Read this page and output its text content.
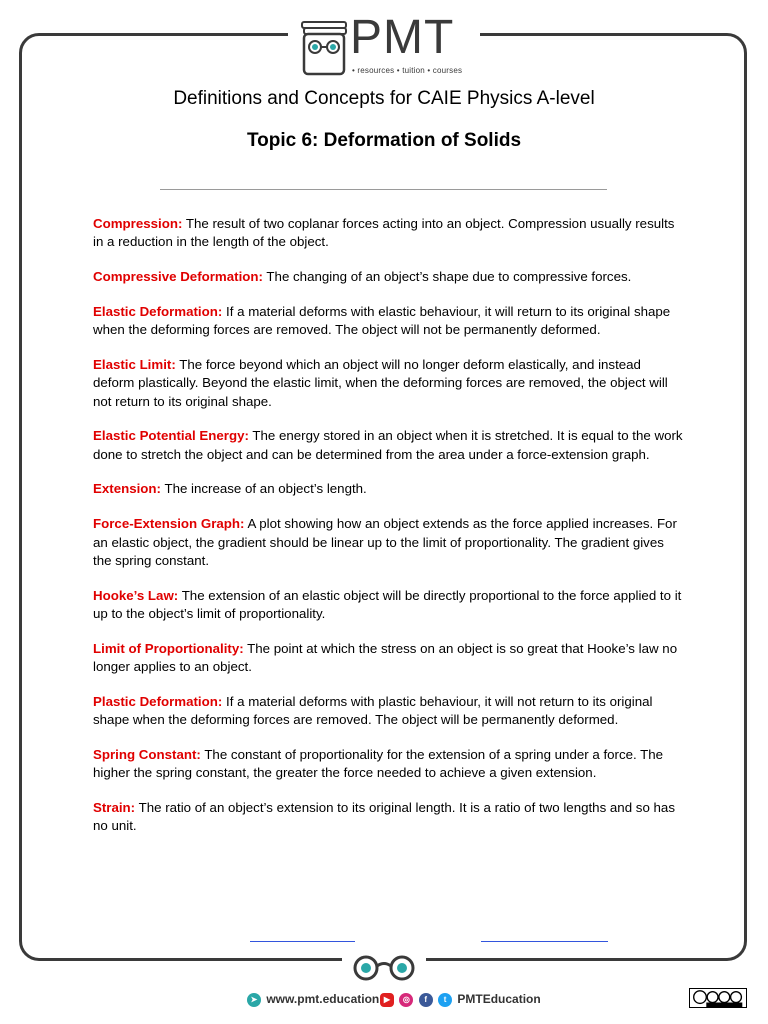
PMT
• resources • tuition • courses
Definitions and Concepts for CAIE Physics A-level
Topic 6: Deformation of Solids

Compression: The result of two coplanar forces acting into an object. Compression usually results in a reduction in the length of the object.

Compressive Deformation: The changing of an object’s shape due to compressive forces.

Elastic Deformation: If a material deforms with elastic behaviour, it will return to its original shape when the deforming forces are removed. The object will not be permanently deformed.

Elastic Limit: The force beyond which an object will no longer deform elastically, and instead deform plastically. Beyond the elastic limit, when the deforming forces are removed, the object will not return to its original shape.

Elastic Potential Energy: The energy stored in an object when it is stretched. It is equal to the work done to stretch the object and can be determined from the area under a force-extension graph.

Extension: The increase of an object’s length.

Force-Extension Graph: A plot showing how an object extends as the force applied increases. For an elastic object, the gradient should be linear up to the limit of proportionality. The gradient gives the spring constant.

Hooke’s Law: The extension of an elastic object will be directly proportional to the force applied to it up to the object’s limit of proportionality.

Limit of Proportionality: The point at which the stress on an object is so great that Hooke’s law no longer applies to an object.

Plastic Deformation: If a material deforms with plastic behaviour, it will not return to its original shape when the deforming forces are removed. The object will be permanently deformed.

Spring Constant: The constant of proportionality for the extension of a spring under a force. The higher the spring constant, the greater the force needed to achieve a given extension.

Strain: The ratio of an object’s extension to its original length. It is a ratio of two lengths and so has no unit.

➤ www.pmt.education ▶ ◎ f t PMTEducation
